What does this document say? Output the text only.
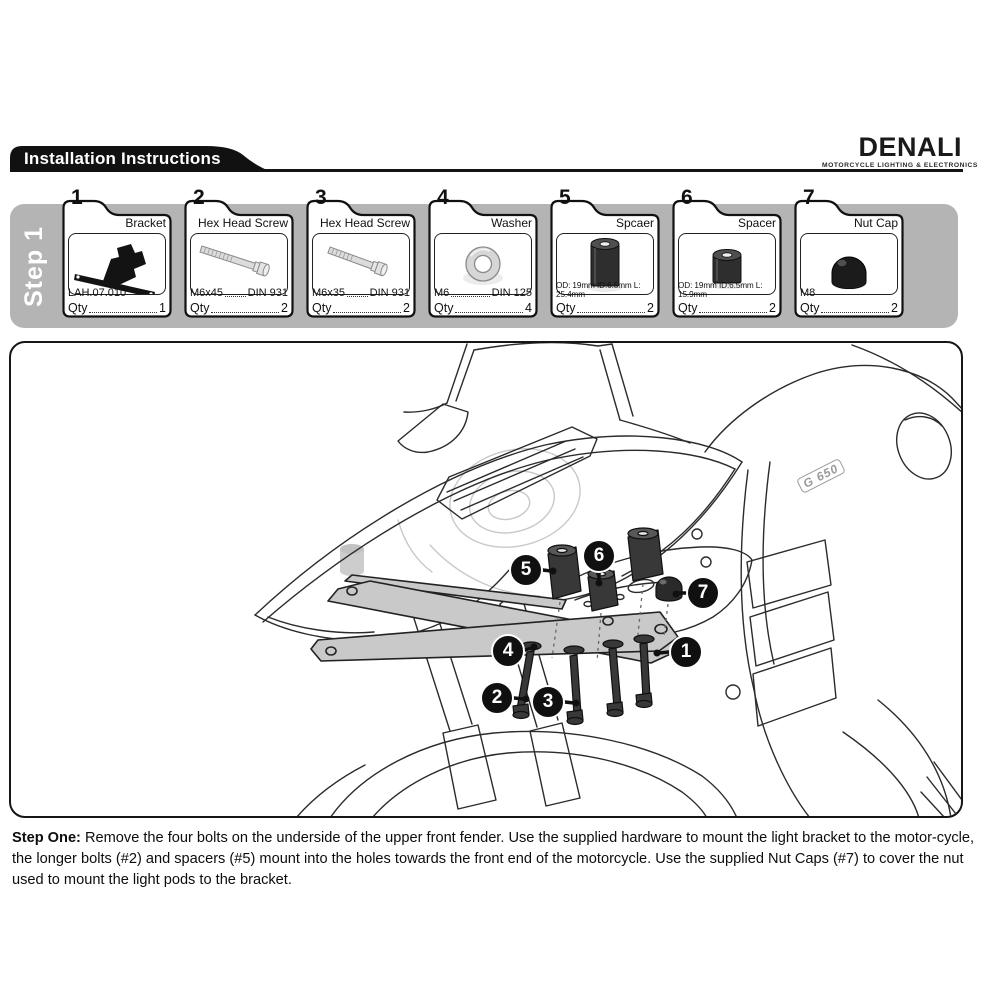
Installation Instructions	DENALI
MOTORCYCLE LIGHTING & ELECTRONICS
Step 1
1
Bracket
LAH.07.010
Qty	1
2
Hex Head Screw
M6x45 DIN 931
Qty	2
3
Hex Head Screw
M6x35 DIN 931
Qty	2
4
Washer
M6	DIN 125
Qty	4
5
Spcaer
OD: 19mm ID:6.5mm L: 25.4mm
Qty	2
6
Spacer
OD: 19mm ID:6.5mm L: 15.9mm
Qty	2
7
Nut Cap
M8
Qty	2
G 650
1
2	3
4
5
6
7
Step One: Remove the four bolts on the underside of the upper front fender. Use the supplied hardware to mount the light bracket to the motor-cycle, the longer bolts (#2) and spacers (#5) mount into the holes towards the front end of the motorcycle. Use the supplied Nut Caps (#7) to cover the nut used to mount the light pods to the bracket.
